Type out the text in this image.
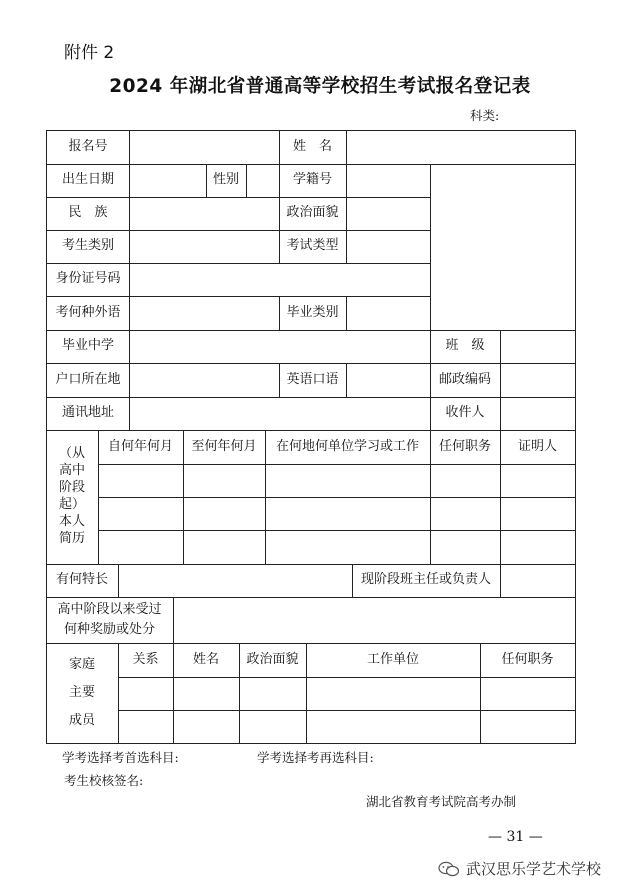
附件 2
2024 年湖北省普通高等学校招生考试报名登记表
科类:
报名号	姓　名
出生日期	性别	学籍号
民　族	政治面貌
考生类别	考试类型
身份证号码
考何种外语	毕业类别
毕业中学	班　级
户口所在地	英语口语	邮政编码
通讯地址	收件人
（从
高中
阶段
起）
本人
简历
自何年何月	至何年何月	在何地何单位学习或工作	任何职务	证明人
有何特长	现阶段班主任或负责人
高中阶段以来受过
何种奖励或处分
家庭
主要
成员
关系	姓名	政治面貌	工作单位	任何职务
学考选择考首选科目:	学考选择考再选科目:
考生校核签名:
湖北省教育考试院高考办制
— 31 —
武汉思乐学艺术学校
